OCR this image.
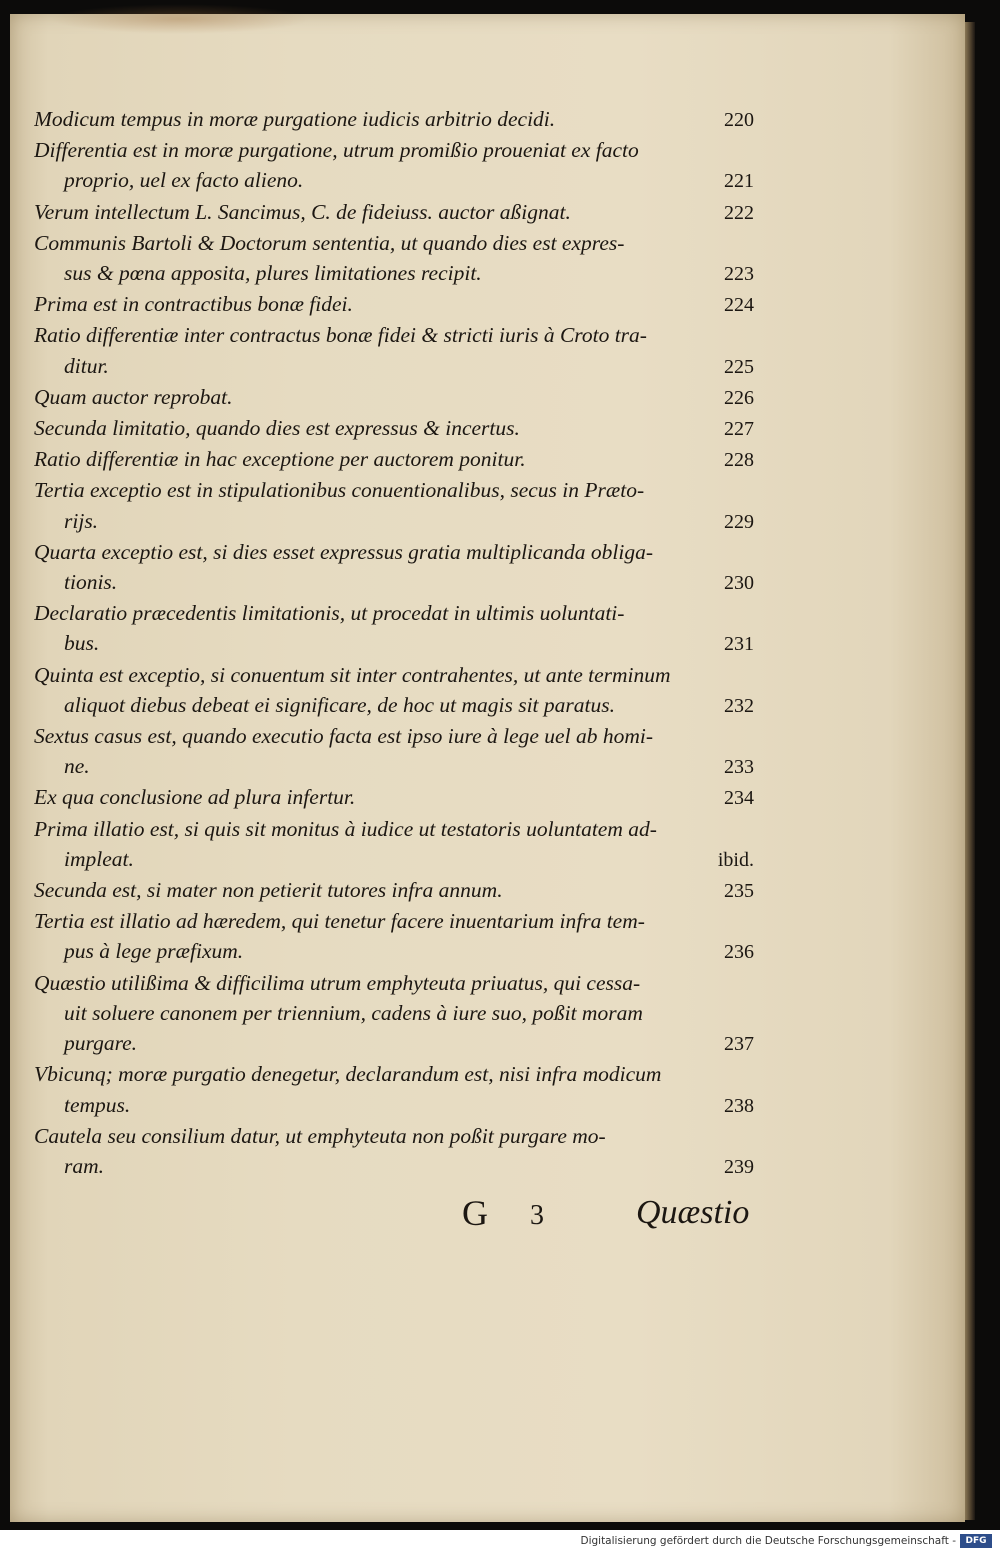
Modicum tempus in moræ purgatione iudicis arbitrio decidi.	220
Differentia est in moræ purgatione, utrum promißio proueniat ex facto
proprio, uel ex facto alieno.	221
Verum intellectum L. Sancimus, C. de fideiuss. auctor aßignat.	222
Communis Bartoli & Doctorum sententia, ut quando dies est expres-
sus & pœna apposita, plures limitationes recipit.	223
Prima est in contractibus bonæ fidei.	224
Ratio differentiæ inter contractus bonæ fidei & stricti iuris à Croto tra-
ditur.	225
Quam auctor reprobat.	226
Secunda limitatio, quando dies est expressus & incertus.	227
Ratio differentiæ in hac exceptione per auctorem ponitur.	228
Tertia exceptio est in stipulationibus conuentionalibus, secus in Præto-
rijs.	229
Quarta exceptio est, si dies esset expressus gratia multiplicanda obliga-
tionis.	230
Declaratio præcedentis limitationis, ut procedat in ultimis uoluntati-
bus.	231
Quinta est exceptio, si conuentum sit inter contrahentes, ut ante terminum
aliquot diebus debeat ei significare, de hoc ut magis sit paratus.	232
Sextus casus est, quando executio facta est ipso iure à lege uel ab homi-
ne.	233
Ex qua conclusione ad plura infertur.	234
Prima illatio est, si quis sit monitus à iudice ut testatoris uoluntatem ad-
impleat.	ibid.
Secunda est, si mater non petierit tutores infra annum.	235
Tertia est illatio ad hæredem, qui tenetur facere inuentarium infra tem-
pus à lege præfixum.	236
Quæstio utilißima & difficilima utrum emphyteuta priuatus, qui cessa-
uit soluere canonem per triennium, cadens à iure suo, poßit moram
purgare.	237
Vbicunq; moræ purgatio denegetur, declarandum est, nisi infra modicum
tempus.	238
Cautela seu consilium datur, ut emphyteuta non poßit purgare mo-
ram.	239
G 3	Quæstio
Digitalisierung gefördert durch die Deutsche Forschungsgemeinschaft -	DFG
